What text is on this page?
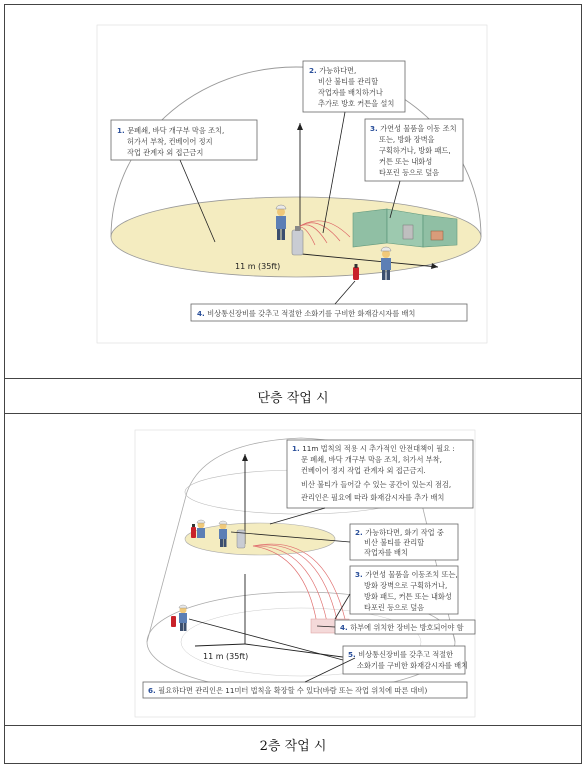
11 m (35ft)
1. 문폐쇄, 바닥 개구부 막음 조치,
허가서 부착, 컨베이어 정지
작업 관계자 외 접근금지
2. 가능하다면,
비산 불티를 관리할
작업자를 배치하거나
추가로 방호 커튼을 설치
3. 가연성 물품을 이동 조치
또는, 방화 장벽을
구획하거나, 방화 패드,
커튼 또는 내화성
타포린 등으로 덮음
4. 비상통신장비를 갖추고 적절한 소화기를 구비한 화재감시자를 배치
단층 작업 시
11 m (35ft)
1. 11m 법칙의 적용 시 추가적인 안전대책이 필요 :
문 폐쇄, 바닥 개구부 막음 조치, 허가서 부착,
컨베이어 정지 작업 관계자 외 접근금지.
비산 불티가 들어갈 수 있는 공간이 있는지 점검,
관리인은 필요에 따라 화재감시자를 추가 배치
2. 가능하다면, 화기 작업 중
비산 불티를 관리할
작업자를 배치
3. 가연성 물품을 이동조치 또는,
방화 장벽으로 구획하거나,
방화 패드, 커튼 또는 내화성
타포린 등으로 덮음
4. 하부에 위치한 장비는 방호되어야 함
5. 비상통신장비를 갖추고 적절한
소화기를 구비한 화재감시자를 배치
6. 필요하다면 관리인은 11미터 법칙을 확장할 수 있다(바람 또는 작업 위치에 따른 대비)
2층 작업 시
